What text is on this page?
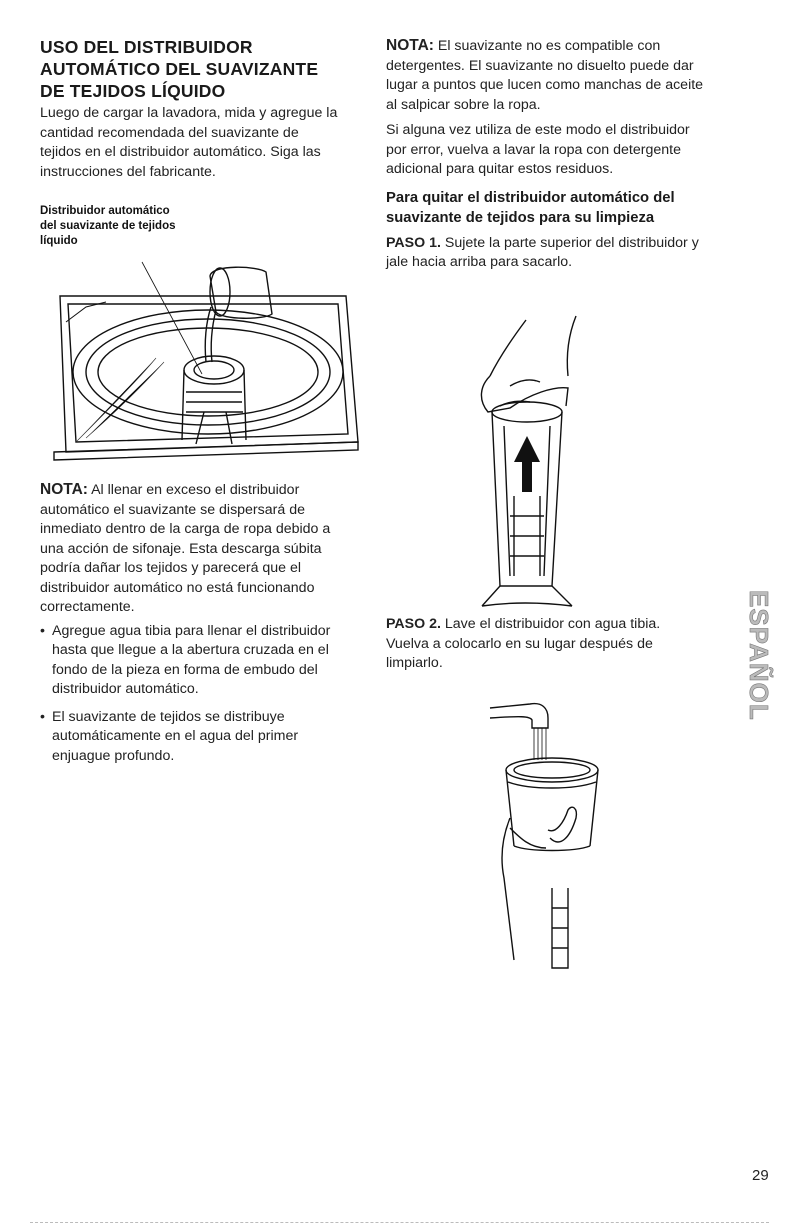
USO DEL DISTRIBUIDOR AUTOMÁTICO DEL SUAVIZANTE DE TEJIDOS LÍQUIDO

Luego de cargar la lavadora, mida y agregue la cantidad recomendada del suavizante de tejidos en el distribuidor automático. Siga las instrucciones del fabricante.

Distribuidor automático del suavizante de tejidos líquido

NOTA: Al llenar en exceso el distribuidor automático el suavizante se dispersará de inmediato dentro de la carga de ropa debido a una acción de sifonaje. Esta descarga súbita podría dañar los tejidos y parecerá que el distribuidor automático no está funcionando correctamente.

• Agregue agua tibia para llenar el distribuidor hasta que llegue a la abertura cruzada en el fondo de la pieza en forma de embudo del distribuidor automático.
• El suavizante de tejidos se distribuye automáticamente en el agua del primer enjuague profundo.

NOTA: El suavizante no es compatible con detergentes. El suavizante no disuelto puede dar lugar a puntos que lucen como manchas de aceite al salpicar sobre la ropa.

Si alguna vez utiliza de este modo el distribuidor por error, vuelva a lavar la ropa con detergente adicional para quitar estos residuos.

Para quitar el distribuidor automático del suavizante de tejidos para su limpieza

PASO 1. Sujete la parte superior del distribuidor y jale hacia arriba para sacarlo.

PASO 2. Lave el distribuidor con agua tibia. Vuelva a colocarlo en su lugar después de limpiarlo.	ESPAÑOL
29
